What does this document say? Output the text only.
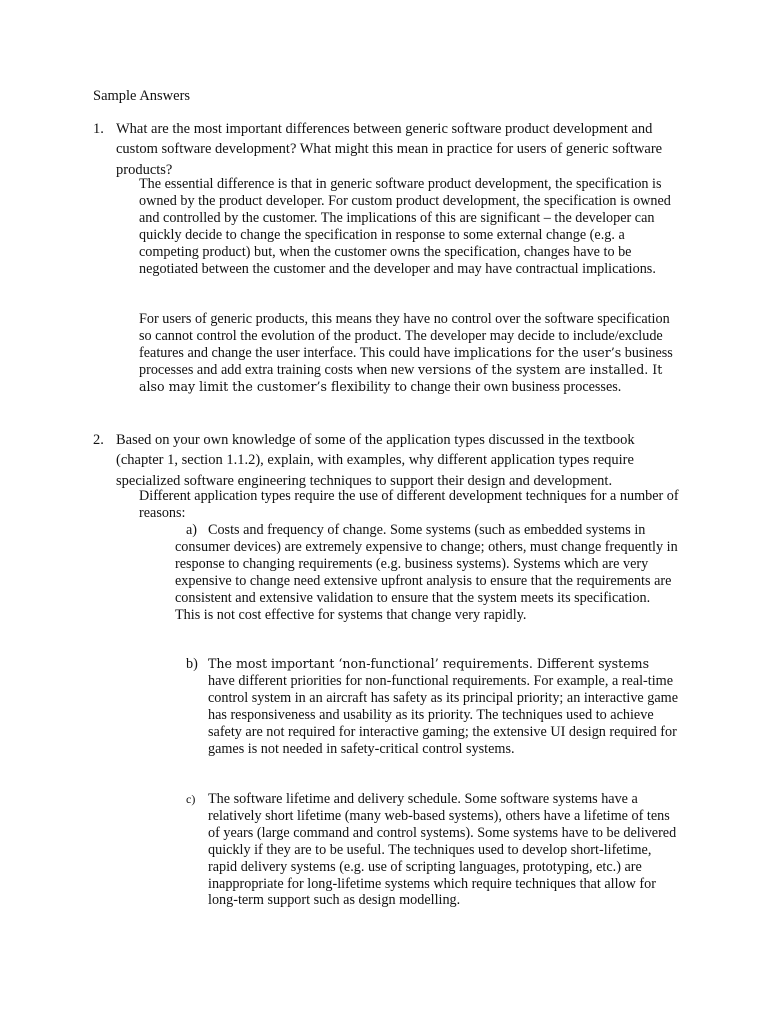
Sample Answers
1. What are the most important differences between generic software product development and custom software development? What might this mean in practice for users of generic software products?
The essential difference is that in generic software product development, the specification is owned by the product developer. For custom product development, the specification is owned and controlled by the customer. The implications of this are significant – the developer can quickly decide to change the specification in response to some external change (e.g. a competing product) but, when the customer owns the specification, changes have to be negotiated between the customer and the developer and may have contractual implications.
For users of generic products, this means they have no control over the software specification so cannot control the evolution of the product. The developer may decide to include/exclude features and change the user interface. This could have implications for the user’s business processes and add extra training costs when new versions of the system are installed. It also may limit the customer’s flexibility to change their own business processes.
2. Based on your own knowledge of some of the application types discussed in the textbook (chapter 1, section 1.1.2), explain, with examples, why different application types require specialized software engineering techniques to support their design and development.
Different application types require the use of different development techniques for a number of reasons:
a) Costs and frequency of change. Some systems (such as embedded systems in consumer devices) are extremely expensive to change; others, must change frequently in response to changing requirements (e.g. business systems). Systems which are very expensive to change need extensive upfront analysis to ensure that the requirements are consistent and extensive validation to ensure that the system meets its specification. This is not cost effective for systems that change very rapidly.
b) The most important ‘non-functional’ requirements. Different systems have different priorities for non-functional requirements. For example, a real-time control system in an aircraft has safety as its principal priority; an interactive game has responsiveness and usability as its priority. The techniques used to achieve safety are not required for interactive gaming; the extensive UI design required for games is not needed in safety-critical control systems.
c) The software lifetime and delivery schedule. Some software systems have a relatively short lifetime (many web-based systems), others have a lifetime of tens of years (large command and control systems). Some systems have to be delivered quickly if they are to be useful. The techniques used to develop short-lifetime, rapid delivery systems (e.g. use of scripting languages, prototyping, etc.) are inappropriate for long-lifetime systems which require techniques that allow for long-term support such as design modelling.
